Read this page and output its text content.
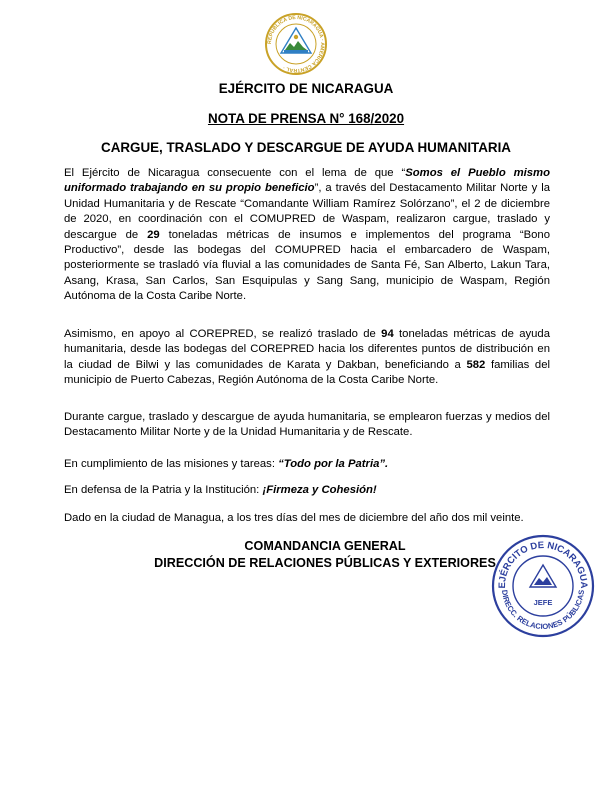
REPUBLICA DE NICARAGUA · AMERICA CENTRAL ·
EJÉRCITO DE NICARAGUA
NOTA DE PRENSA N° 168/2020
CARGUE, TRASLADO Y DESCARGUE DE AYUDA HUMANITARIA
El Ejército de Nicaragua consecuente con el lema de que “Somos el Pueblo mismo uniformado trabajando en su propio beneficio”, a través del Destacamento Militar Norte y la Unidad Humanitaria y de Rescate “Comandante William Ramírez Solórzano”, el 2 de diciembre de 2020, en coordinación con el COMUPRED de Waspam, realizaron cargue, traslado y descargue de 29 toneladas métricas de insumos e implementos del programa “Bono Productivo”, desde las bodegas del COMUPRED hacia el embarcadero de Waspam, posteriormente se trasladó vía fluvial a las comunidades de Santa Fé, San Alberto, Lakun Tara, Asang, Krasa, San Carlos, San Esquipulas y Sang Sang, municipio de Waspam, Región Autónoma de la Costa Caribe Norte.
Asimismo, en apoyo al COREPRED, se realizó traslado de 94 toneladas métricas de ayuda humanitaria, desde las bodegas del COREPRED hacia los diferentes puntos de distribución en la ciudad de Bilwi y las comunidades de Karata y Dakban, beneficiando a 582 familias del municipio de Puerto Cabezas, Región Autónoma de la Costa Caribe Norte.
Durante cargue, traslado y descargue de ayuda humanitaria, se emplearon fuerzas y medios del Destacamento Militar Norte y de la Unidad Humanitaria y de Rescate.
En cumplimiento de las misiones y tareas: “Todo por la Patria”.
En defensa de la Patria y la Institución: ¡Firmeza y Cohesión!
Dado en la ciudad de Managua, a los tres días del mes de diciembre del año dos mil veinte.
COMANDANCIA GENERAL
DIRECCIÓN DE RELACIONES PÚBLICAS Y EXTERIORES
EJÉRCITO DE NICARAGUA
DIRECC. RELACIONES PÚBLICAS
JEFE
